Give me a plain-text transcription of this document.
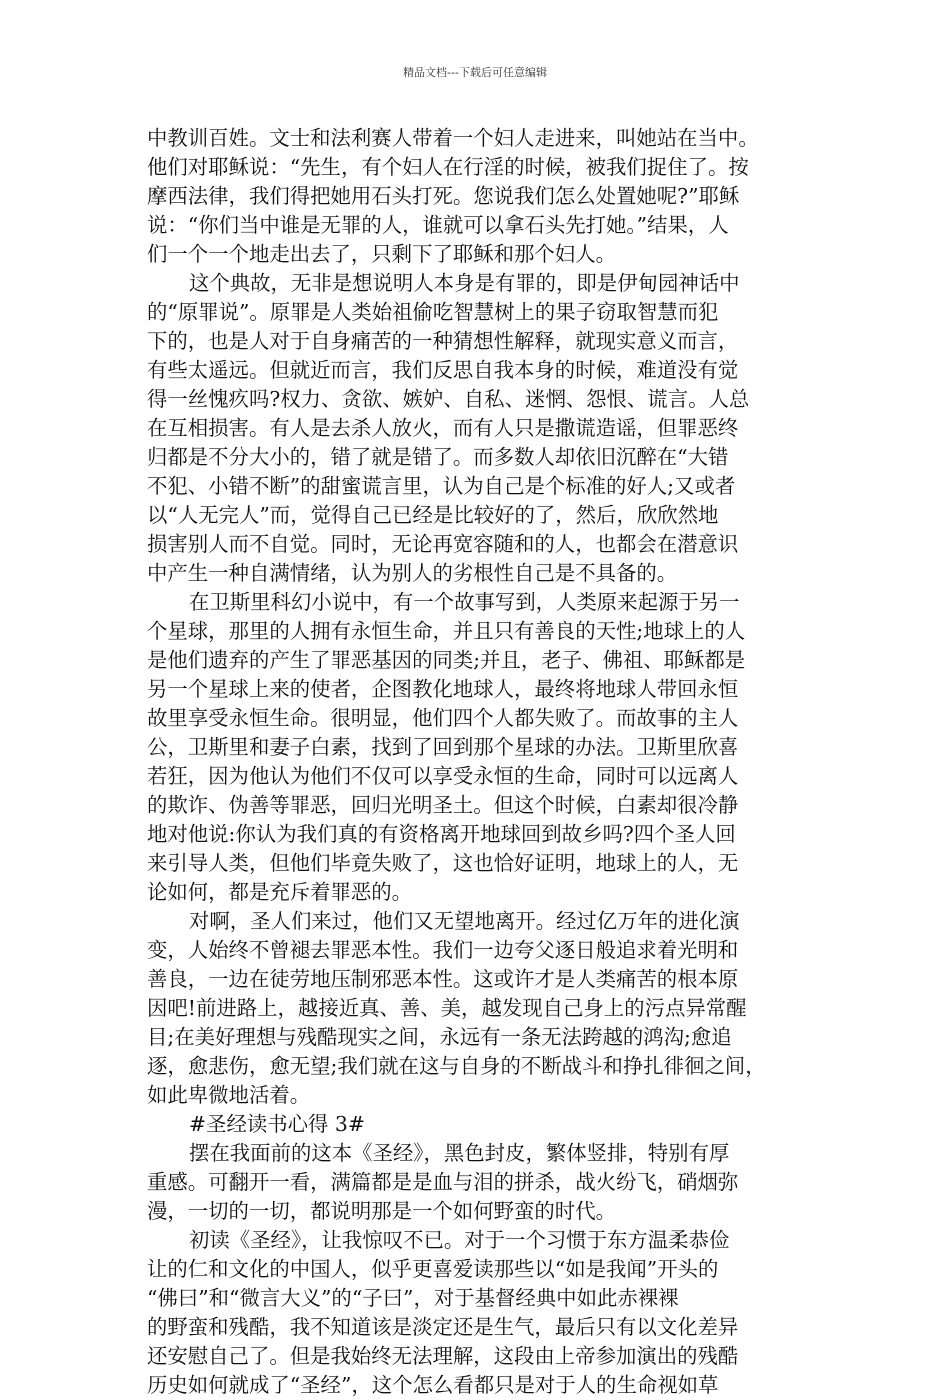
精品文档---下载后可任意编辑
中教训百姓。文士和法利赛人带着一个妇人走进来，叫她站在当中。
他们对耶稣说：“先生，有个妇人在行淫的时候，被我们捉住了。按
摩西法律，我们得把她用石头打死。您说我们怎么处置她呢?”耶稣
说：“你们当中谁是无罪的人，谁就可以拿石头先打她。”结果，人
们一个一个地走出去了，只剩下了耶稣和那个妇人。
这个典故，无非是想说明人本身是有罪的，即是伊甸园神话中
的“原罪说”。原罪是人类始祖偷吃智慧树上的果子窃取智慧而犯
下的，也是人对于自身痛苦的一种猜想性解释，就现实意义而言，
有些太遥远。但就近而言，我们反思自我本身的时候，难道没有觉
得一丝愧疚吗?权力、贪欲、嫉妒、自私、迷惘、怨恨、谎言。人总
在互相损害。有人是去杀人放火，而有人只是撒谎造谣，但罪恶终
归都是不分大小的，错了就是错了。而多数人却依旧沉醉在“大错
不犯、小错不断”的甜蜜谎言里，认为自己是个标准的好人;又或者
以“人无完人”而，觉得自己已经是比较好的了，然后，欣欣然地
损害别人而不自觉。同时，无论再宽容随和的人，也都会在潜意识
中产生一种自满情绪，认为别人的劣根性自己是不具备的。
在卫斯里科幻小说中，有一个故事写到，人类原来起源于另一
个星球，那里的人拥有永恒生命，并且只有善良的天性;地球上的人
是他们遗弃的产生了罪恶基因的同类;并且，老子、佛祖、耶稣都是
另一个星球上来的使者，企图教化地球人，最终将地球人带回永恒
故里享受永恒生命。很明显，他们四个人都失败了。而故事的主人
公，卫斯里和妻子白素，找到了回到那个星球的办法。卫斯里欣喜
若狂，因为他认为他们不仅可以享受永恒的生命，同时可以远离人
的欺诈、伪善等罪恶，回归光明圣土。但这个时候，白素却很冷静
地对他说:你认为我们真的有资格离开地球回到故乡吗?四个圣人回
来引导人类，但他们毕竟失败了，这也恰好证明，地球上的人，无
论如何，都是充斥着罪恶的。
对啊，圣人们来过，他们又无望地离开。经过亿万年的进化演
变，人始终不曾褪去罪恶本性。我们一边夸父逐日般追求着光明和
善良，一边在徒劳地压制邪恶本性。这或许才是人类痛苦的根本原
因吧!前进路上，越接近真、善、美，越发现自己身上的污点异常醒
目;在美好理想与残酷现实之间，永远有一条无法跨越的鸿沟;愈追
逐，愈悲伤，愈无望;我们就在这与自身的不断战斗和挣扎徘徊之间，
如此卑微地活着。
#圣经读书心得 3#
摆在我面前的这本《圣经》，黑色封皮，繁体竖排，特别有厚
重感。可翻开一看，满篇都是是血与泪的拼杀，战火纷飞，硝烟弥
漫，一切的一切，都说明那是一个如何野蛮的时代。
初读《圣经》，让我惊叹不已。对于一个习惯于东方温柔恭俭
让的仁和文化的中国人，似乎更喜爱读那些以“如是我闻”开头的
“佛曰”和“微言大义”的“子曰”，对于基督经典中如此赤裸裸
的野蛮和残酷，我不知道该是淡定还是生气，最后只有以文化差异
还安慰自己了。但是我始终无法理解，这段由上帝参加演出的残酷
历史如何就成了“圣经”，这个怎么看都只是对于人的生命视如草
